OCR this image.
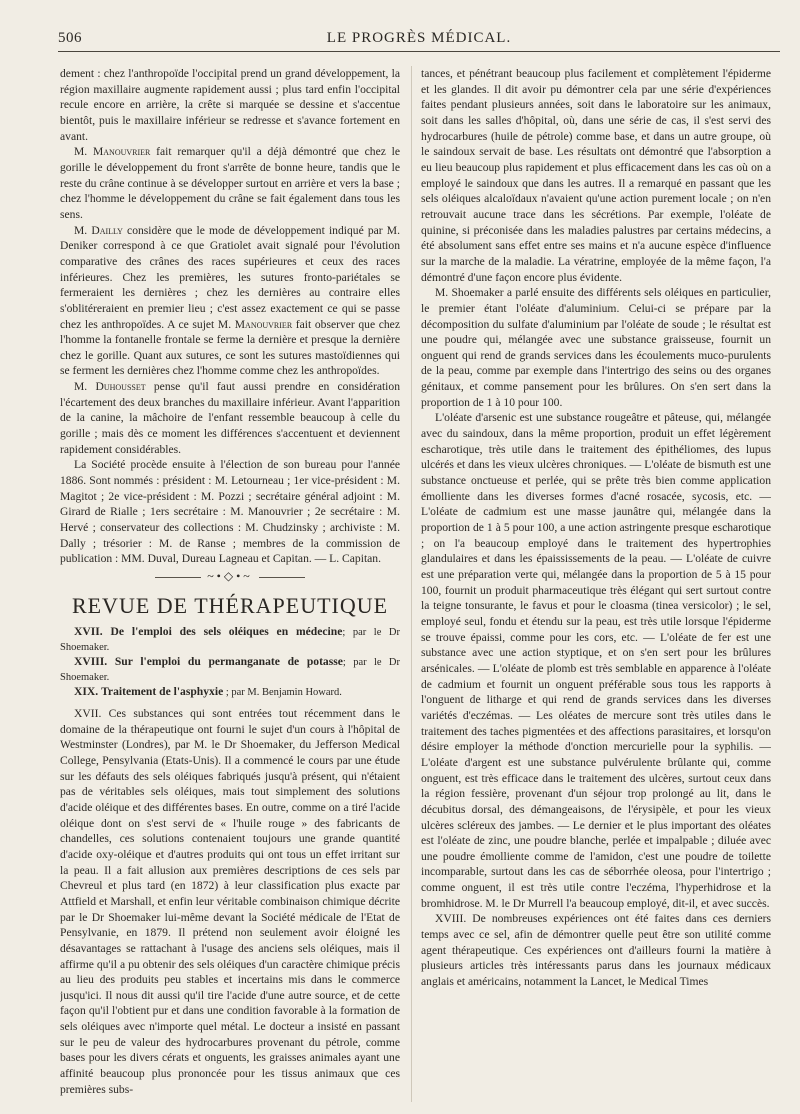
506	LE PROGRÈS MÉDICAL.

dement : chez l'anthropoïde l'occipital prend un grand développement, la région maxillaire augmente rapidement aussi ; plus tard enfin l'occipital recule encore en arrière, la crête si marquée se dessine et s'accentue bientôt, puis le maxillaire inférieur se redresse et s'avance fortement en avant.

M. Manouvrier fait remarquer qu'il a déjà démontré que chez le gorille le développement du front s'arrête de bonne heure, tandis que le reste du crâne continue à se développer surtout en arrière et vers la base ; chez l'homme le développement du crâne se fait également dans tous les sens.

M. Dailly considère que le mode de développement indiqué par M. Deniker correspond à ce que Gratiolet avait signalé pour l'évolution comparative des crânes des races supérieures et ceux des races inférieures. Chez les premières, les sutures fronto-pariétales se fermeraient les dernières ; chez les dernières au contraire elles s'oblitéreraient en premier lieu ; c'est assez exactement ce qui se passe chez les anthropoïdes. A ce sujet M. Manouvrier fait observer que chez l'homme la fontanelle frontale se ferme la dernière et presque la dernière chez le gorille. Quant aux sutures, ce sont les sutures mastoïdiennes qui se ferment les dernières chez l'homme comme chez les anthropoïdes.

M. Duhousset pense qu'il faut aussi prendre en considération l'écartement des deux branches du maxillaire inférieur. Avant l'apparition de la canine, la mâchoire de l'enfant ressemble beaucoup à celle du gorille ; mais dès ce moment les différences s'accentuent et deviennent rapidement considérables.

La Société procède ensuite à l'élection de son bureau pour l'année 1886. Sont nommés : président : M. Letourneau ; 1er vice-président : M. Magitot ; 2e vice-président : M. Pozzi ; secrétaire général adjoint : M. Girard de Rialle ; 1ers secrétaire : M. Manouvrier ; 2e secrétaire : M. Hervé ; conservateur des collections : M. Chudzinsky ; archiviste : M. Dally ; trésorier : M. de Ranse ; membres de la commission de publication : MM. Duval, Dureau Lagneau et Capitan. — L. Capitan.

~•◇•~
REVUE DE THÉRAPEUTIQUE

XVII. De l'emploi des sels oléiques en médecine; par le Dr Shoemaker.

XVIII. Sur l'emploi du permanganate de potasse; par le Dr Shoemaker.

XIX. Traitement de l'asphyxie ; par M. Benjamin Howard.

XVII. Ces substances qui sont entrées tout récemment dans le domaine de la thérapeutique ont fourni le sujet d'un cours à l'hôpital de Westminster (Londres), par M. le Dr Shoemaker, du Jefferson Medical College, Pensylvania (Etats-Unis). Il a commencé le cours par une étude sur les défauts des sels oléiques fabriqués jusqu'à présent, qui n'étaient pas de véritables sels oléiques, mais tout simplement des solutions d'acide oléique et des différentes bases. En outre, comme on a tiré l'acide oléique dont on s'est servi de « l'huile rouge » des fabricants de chandelles, ces solutions contenaient toujours une grande quantité d'acide oxy-oléique et d'autres produits qui ont tous un effet irritant sur la peau. Il a fait allusion aux premières descriptions de ces sels par Chevreul et plus tard (en 1872) à leur classification plus exacte par Attfield et Marshall, et enfin leur véritable combinaison chimique décrite par le Dr Shoemaker lui-même devant la Société médicale de l'Etat de Pensylvanie, en 1879. Il prétend non seulement avoir éloigné les désavantages se rattachant à l'usage des anciens sels oléiques, mais il affirme qu'il a pu obtenir des sels oléiques d'un caractère chimique précis au lieu des produits peu stables et incertains mis dans le commerce jusqu'ici. Il nous dit aussi qu'il tire l'acide d'une autre source, et de cette façon qu'il l'obtient pur et dans une condition favorable à la formation de sels oléiques avec n'importe quel métal. Le docteur a insisté en passant sur le peu de valeur des hydrocarbures provenant du pétrole, comme bases pour les divers cérats et onguents, les graisses animales ayant une affinité beaucoup plus prononcée pour les tissus animaux que ces premières subs-

tances, et pénétrant beaucoup plus facilement et complètement l'épiderme et les glandes. Il dit avoir pu démontrer cela par une série d'expériences faites pendant plusieurs années, soit dans le laboratoire sur les animaux, soit dans les salles d'hôpital, où, dans une série de cas, il s'est servi des hydrocarbures (huile de pétrole) comme base, et dans un autre groupe, où le saindoux servait de base. Les résultats ont démontré que l'absorption a eu lieu beaucoup plus rapidement et plus efficacement dans les cas où on a employé le saindoux que dans les autres. Il a remarqué en passant que les sels oléiques alcaloïdaux n'avaient qu'une action purement locale ; on n'en retrouvait aucune trace dans les sécrétions. Par exemple, l'oléate de quinine, si préconisée dans les maladies palustres par certains médecins, a été absolument sans effet entre ses mains et n'a aucune espèce d'influence sur la marche de la maladie. La vératrine, employée de la même façon, l'a démontré d'une façon encore plus évidente.

M. Shoemaker a parlé ensuite des différents sels oléiques en particulier, le premier étant l'oléate d'aluminium. Celui-ci se prépare par la décomposition du sulfate d'aluminium par l'oléate de soude ; le résultat est une poudre qui, mélangée avec une substance graisseuse, fournit un onguent qui rend de grands services dans les écoulements muco-purulents de la peau, comme par exemple dans l'intertrigo des seins ou des organes génitaux, et comme pansement pour les brûlures. On s'en sert dans la proportion de 1 à 10 pour 100.

L'oléate d'arsenic est une substance rougeâtre et pâteuse, qui, mélangée avec du saindoux, dans la même proportion, produit un effet légèrement escharotique, très utile dans le traitement des épithéliomes, des lupus ulcérés et dans les vieux ulcères chroniques. — L'oléate de bismuth est une substance onctueuse et perlée, qui se prête très bien comme application émolliente dans les diverses formes d'acné rosacée, sycosis, etc. — L'oléate de cadmium est une masse jaunâtre qui, mélangée dans la proportion de 1 à 5 pour 100, a une action astringente presque escharotique ; on l'a beaucoup employé dans le traitement des hypertrophies glandulaires et dans les épaississements de la peau. — L'oléate de cuivre est une préparation verte qui, mélangée dans la proportion de 5 à 15 pour 100, fournit un produit pharmaceutique très élégant qui sert surtout contre la teigne tonsurante, le favus et pour le cloasma (tinea versicolor) ; le sel, employé seul, fondu et étendu sur la peau, est très utile lorsque l'épiderme se trouve épaissi, comme pour les cors, etc. — L'oléate de fer est une substance avec une action styptique, et on s'en sert pour les brûlures arsénicales. — L'oléate de plomb est très semblable en apparence à l'oléate de cadmium et fournit un onguent préférable sous tous les rapports à l'onguent de litharge et qui rend de grands services dans les diverses variétés d'eczémas. — Les oléates de mercure sont très utiles dans le traitement des taches pigmentées et des affections parasitaires, et lorsqu'on désire employer la méthode d'onction mercurielle pour la syphilis. — L'oléate d'argent est une substance pulvérulente brûlante qui, comme onguent, est très efficace dans le traitement des ulcères, surtout ceux dans la région fessière, provenant d'un séjour trop prolongé au lit, dans le décubitus dorsal, des démangeaisons, de l'érysipèle, et pour les vieux ulcères scléreux des jambes. — Le dernier et le plus important des oléates est l'oléate de zinc, une poudre blanche, perlée et impalpable ; diluée avec une poudre émolliente comme de l'amidon, c'est une poudre de toilette incomparable, surtout dans les cas de séborrhée oleosa, pour l'intertrigo ; comme onguent, il est très utile contre l'eczéma, l'hyperhidrose et la bromhidrose. M. le Dr Murrell l'a beaucoup employé, dit-il, et avec succès.

XVIII. De nombreuses expériences ont été faites dans ces derniers temps avec ce sel, afin de démontrer quelle peut être son utilité comme agent thérapeutique. Ces expériences ont d'ailleurs fourni la matière à plusieurs articles très intéressants parus dans les journaux médicaux anglais et américains, notamment la Lancet, le Medical Times
